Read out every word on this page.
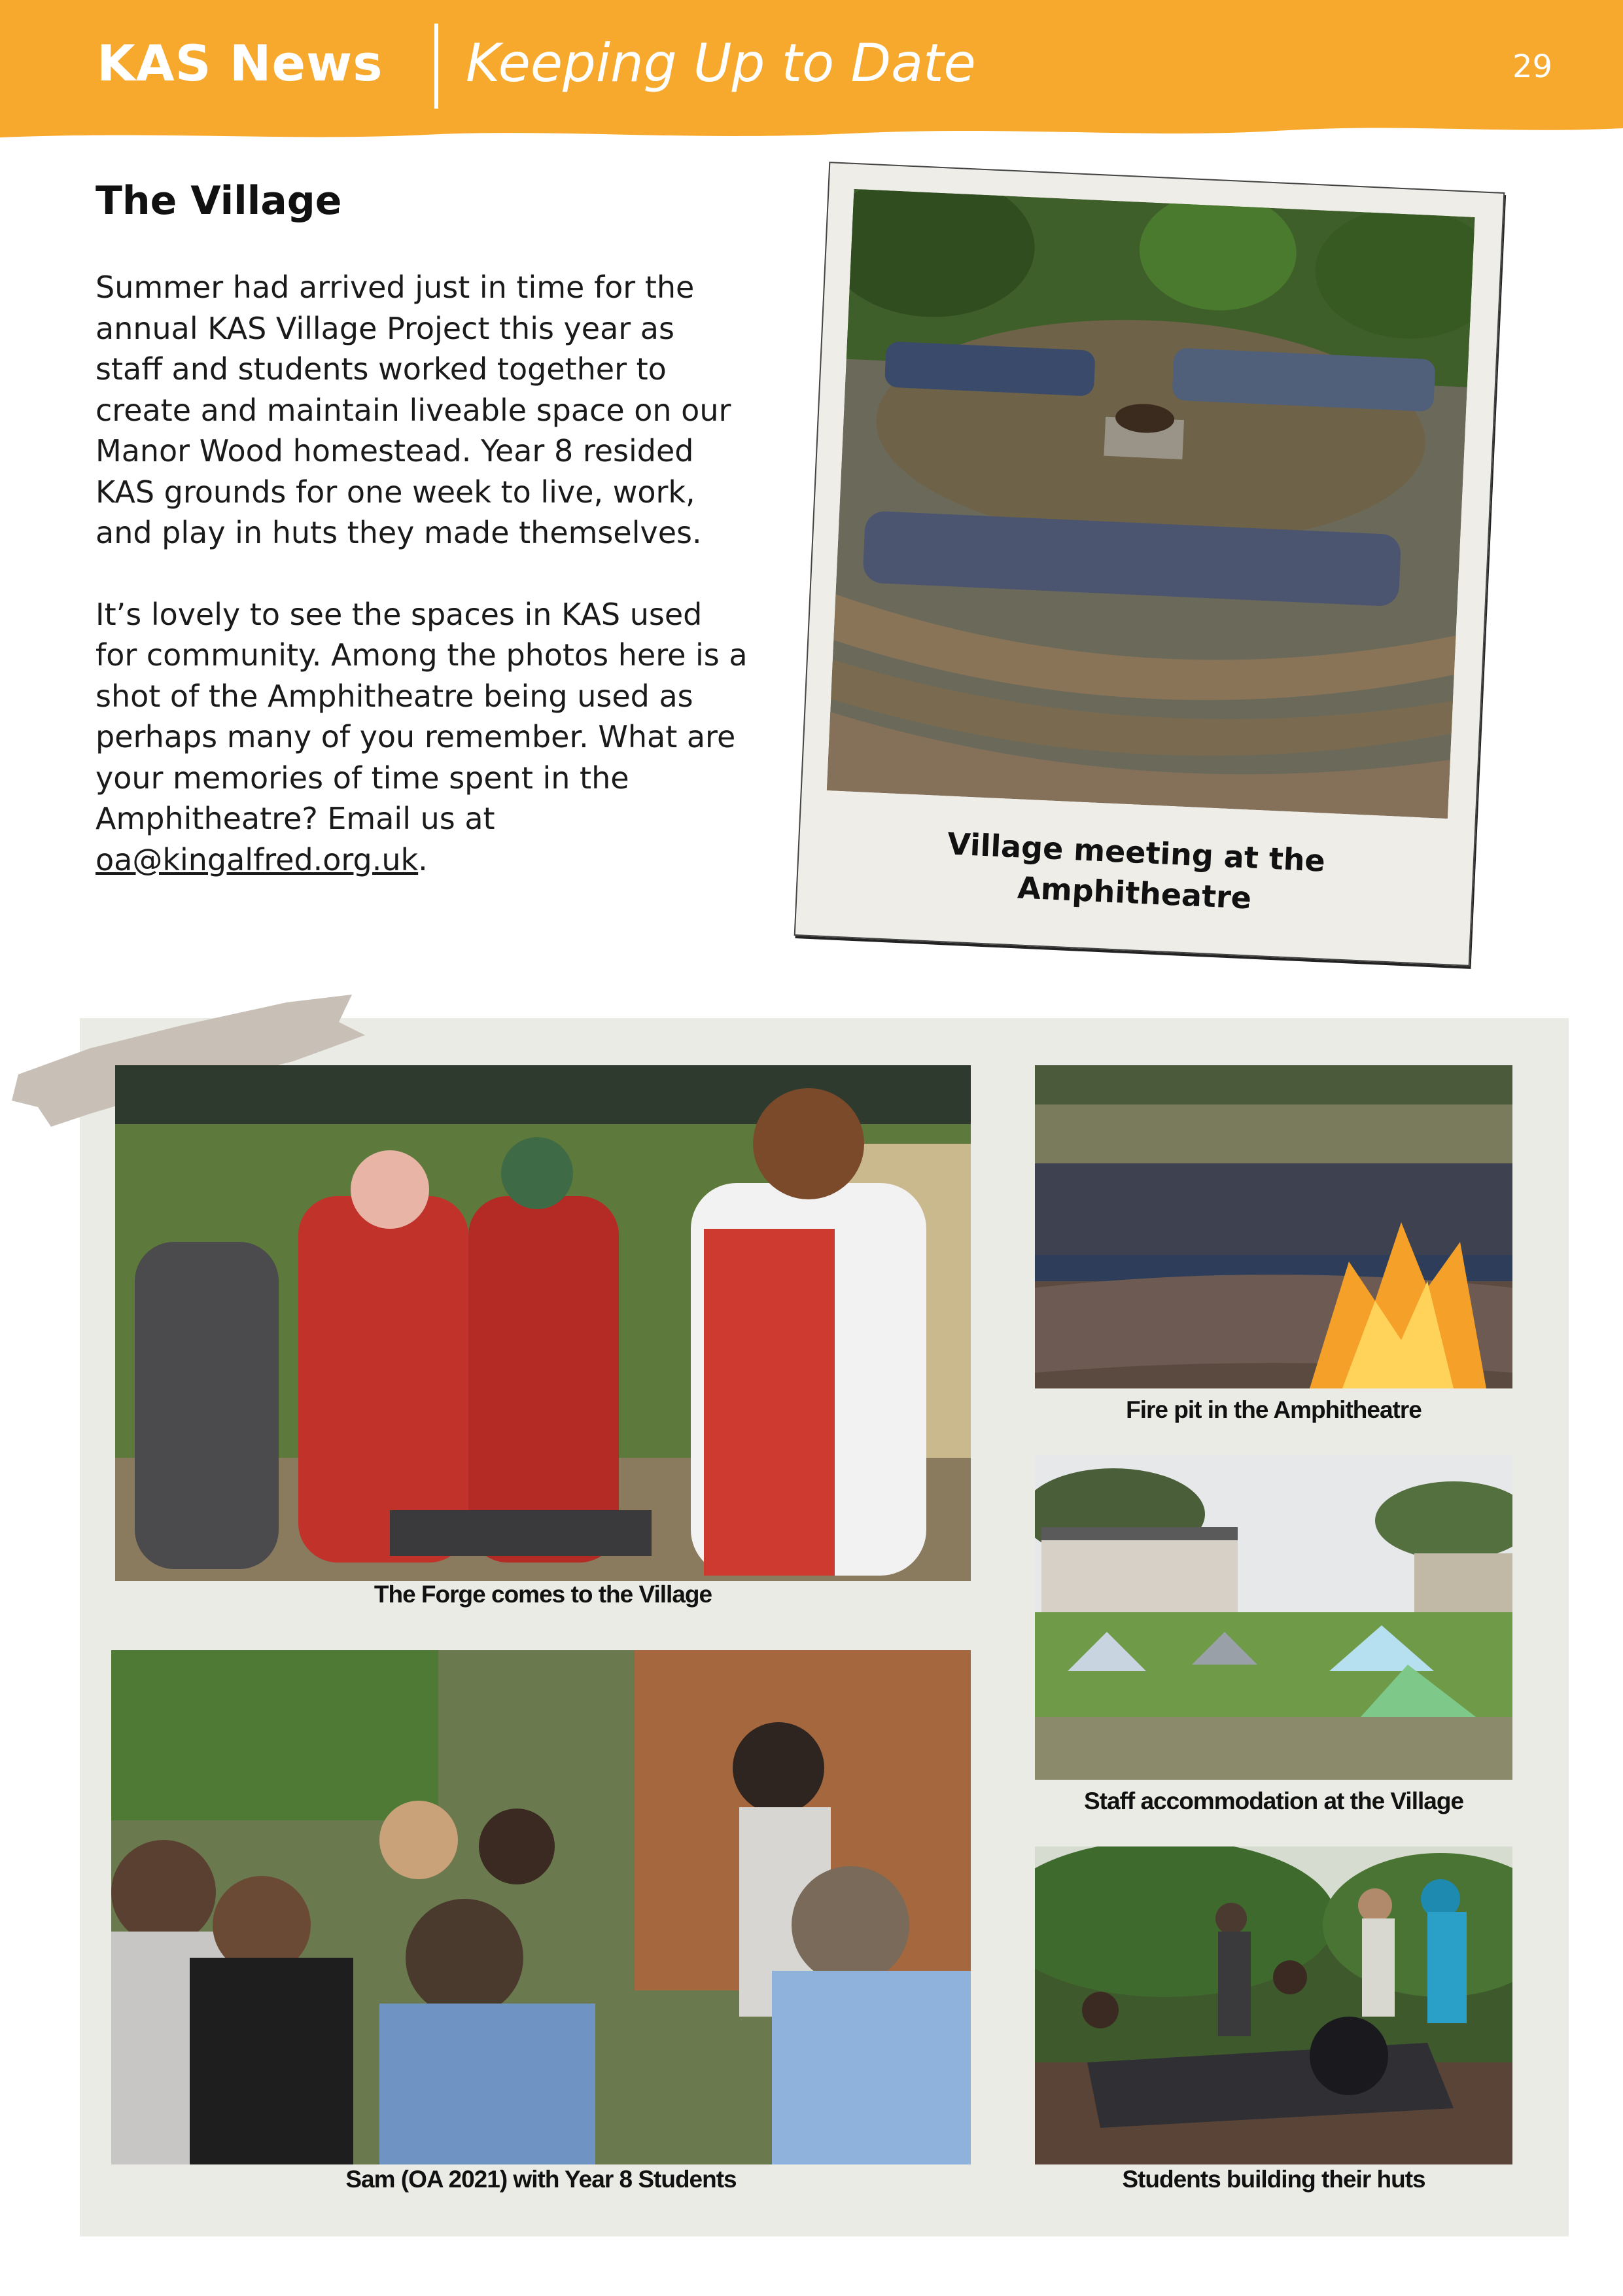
KAS News Keeping Up to Date	29
The Village

Summer had arrived just in time for the annual KAS Village Project this year as staff and students worked together to create and maintain liveable space on our Manor Wood homestead. Year 8 resided KAS grounds for one week to live, work, and play in huts they made themselves.

It’s lovely to see the spaces in KAS used for community. Among the photos here is a shot of the Amphitheatre being used as perhaps many of you remember. What are your memories of time spent in the Amphitheatre? Email us at oa@kingalfred.org.uk.	Village meeting at the Amphitheatre
The Forge comes to the Village
Fire pit in the Amphitheatre
Staff accommodation at the Village
Sam (OA 2021) with Year 8 Students	Students building their huts
